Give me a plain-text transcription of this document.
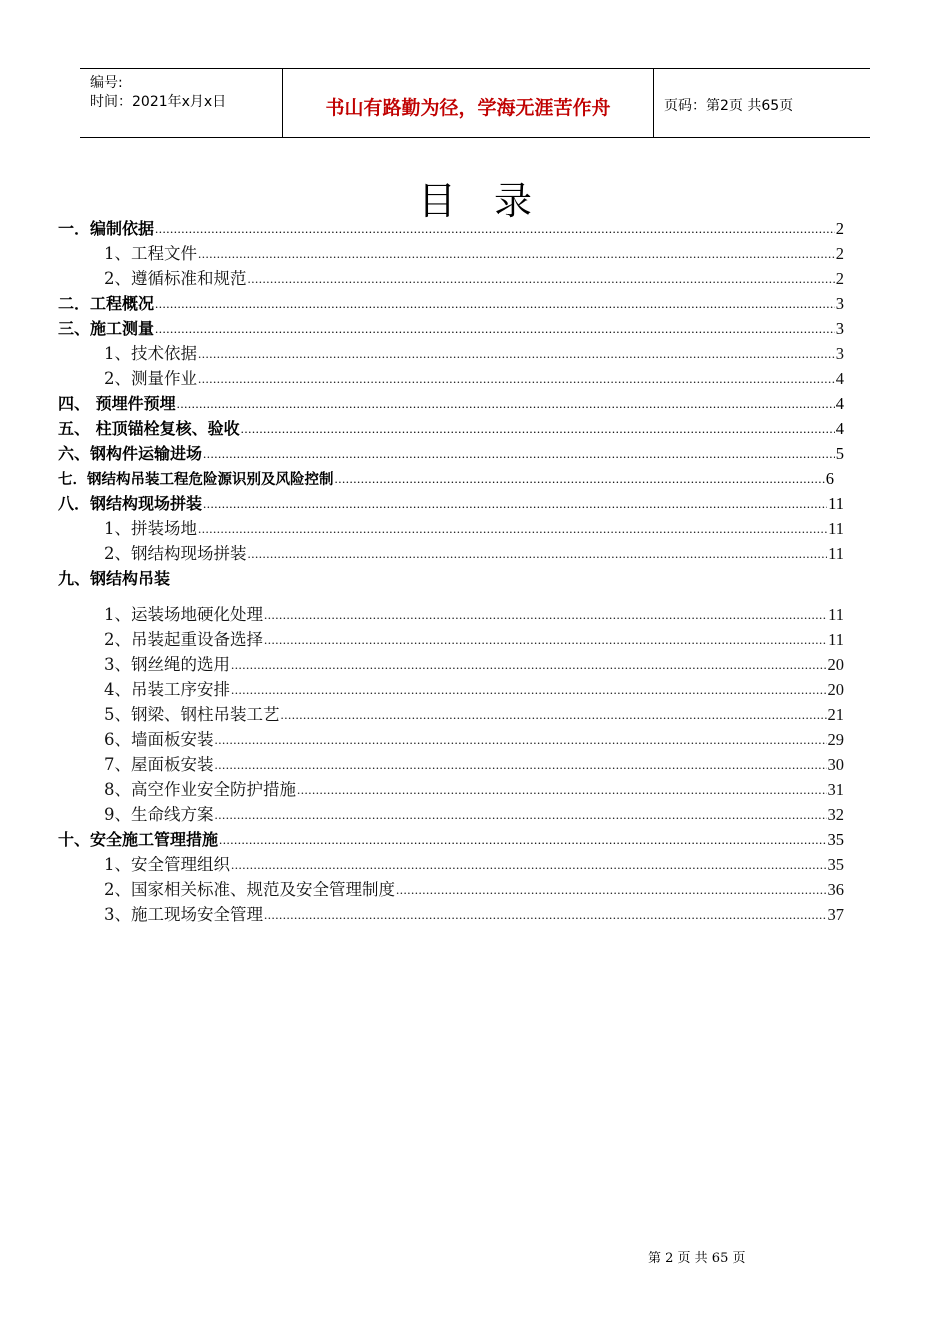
编号:
时间：2021年x月x日	书山有路勤为径，学海无涯苦作舟	页码：第2页 共65页
目录
一．编制依据 .....	2
1、工程文件 .....	2
2、遵循标准和规范 .....	2
二．工程概况 .....	3
三、施工测量 .....	3
1、技术依据 .....	3
2、测量作业 .....	4
四、 预埋件预埋 .....	4
五、 柱顶锚栓复核、验收 .....	4
六、钢构件运输进场 .....	5
七．钢结构吊装工程危险源识别及风险控制 .....	6
八．钢结构现场拼装 .....	11
1、拼装场地 .....	11
2、钢结构现场拼装 .....	11
九、钢结构吊装
1、运装场地硬化处理 .....	11
2、吊装起重设备选择 .....	11
3、钢丝绳的选用 .....	20
4、吊装工序安排 .....	20
5、钢梁、钢柱吊装工艺 .....	21
6、墙面板安装 .....	29
7、屋面板安装 .....	30
8、高空作业安全防护措施 .....	31
9、生命线方案 .....	32
十、安全施工管理措施 .....	35
1、安全管理组织 .....	35
2、国家相关标准、规范及安全管理制度 .....	36
3、施工现场安全管理 .....	37
第 2 页 共 65 页
